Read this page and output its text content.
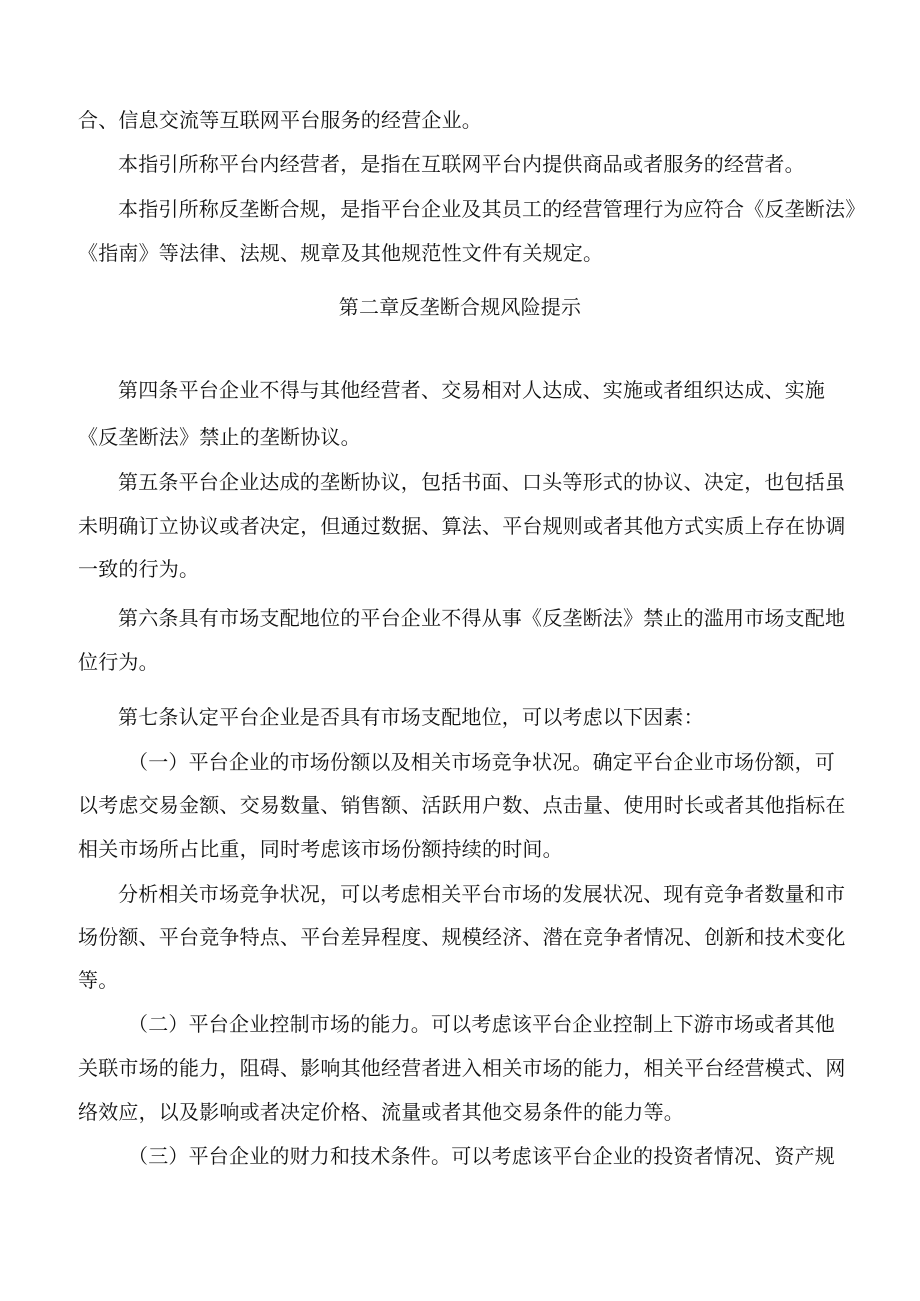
合、信息交流等互联网平台服务的经营企业。
本指引所称平台内经营者，是指在互联网平台内提供商品或者服务的经营者。
本指引所称反垄断合规，是指平台企业及其员工的经营管理行为应符合《反垄断法》
《指南》等法律、法规、规章及其他规范性文件有关规定。
第二章反垄断合规风险提示
第四条平台企业不得与其他经营者、交易相对人达成、实施或者组织达成、实施
《反垄断法》禁止的垄断协议。
第五条平台企业达成的垄断协议，包括书面、口头等形式的协议、决定，也包括虽
未明确订立协议或者决定，但通过数据、算法、平台规则或者其他方式实质上存在协调
一致的行为。
第六条具有市场支配地位的平台企业不得从事《反垄断法》禁止的滥用市场支配地
位行为。
第七条认定平台企业是否具有市场支配地位，可以考虑以下因素：
（一）平台企业的市场份额以及相关市场竞争状况。确定平台企业市场份额，可
以考虑交易金额、交易数量、销售额、活跃用户数、点击量、使用时长或者其他指标在
相关市场所占比重，同时考虑该市场份额持续的时间。
分析相关市场竞争状况，可以考虑相关平台市场的发展状况、现有竞争者数量和市
场份额、平台竞争特点、平台差异程度、规模经济、潜在竞争者情况、创新和技术变化
等。
（二）平台企业控制市场的能力。可以考虑该平台企业控制上下游市场或者其他
关联市场的能力，阻碍、影响其他经营者进入相关市场的能力，相关平台经营模式、网
络效应，以及影响或者决定价格、流量或者其他交易条件的能力等。
（三）平台企业的财力和技术条件。可以考虑该平台企业的投资者情况、资产规
